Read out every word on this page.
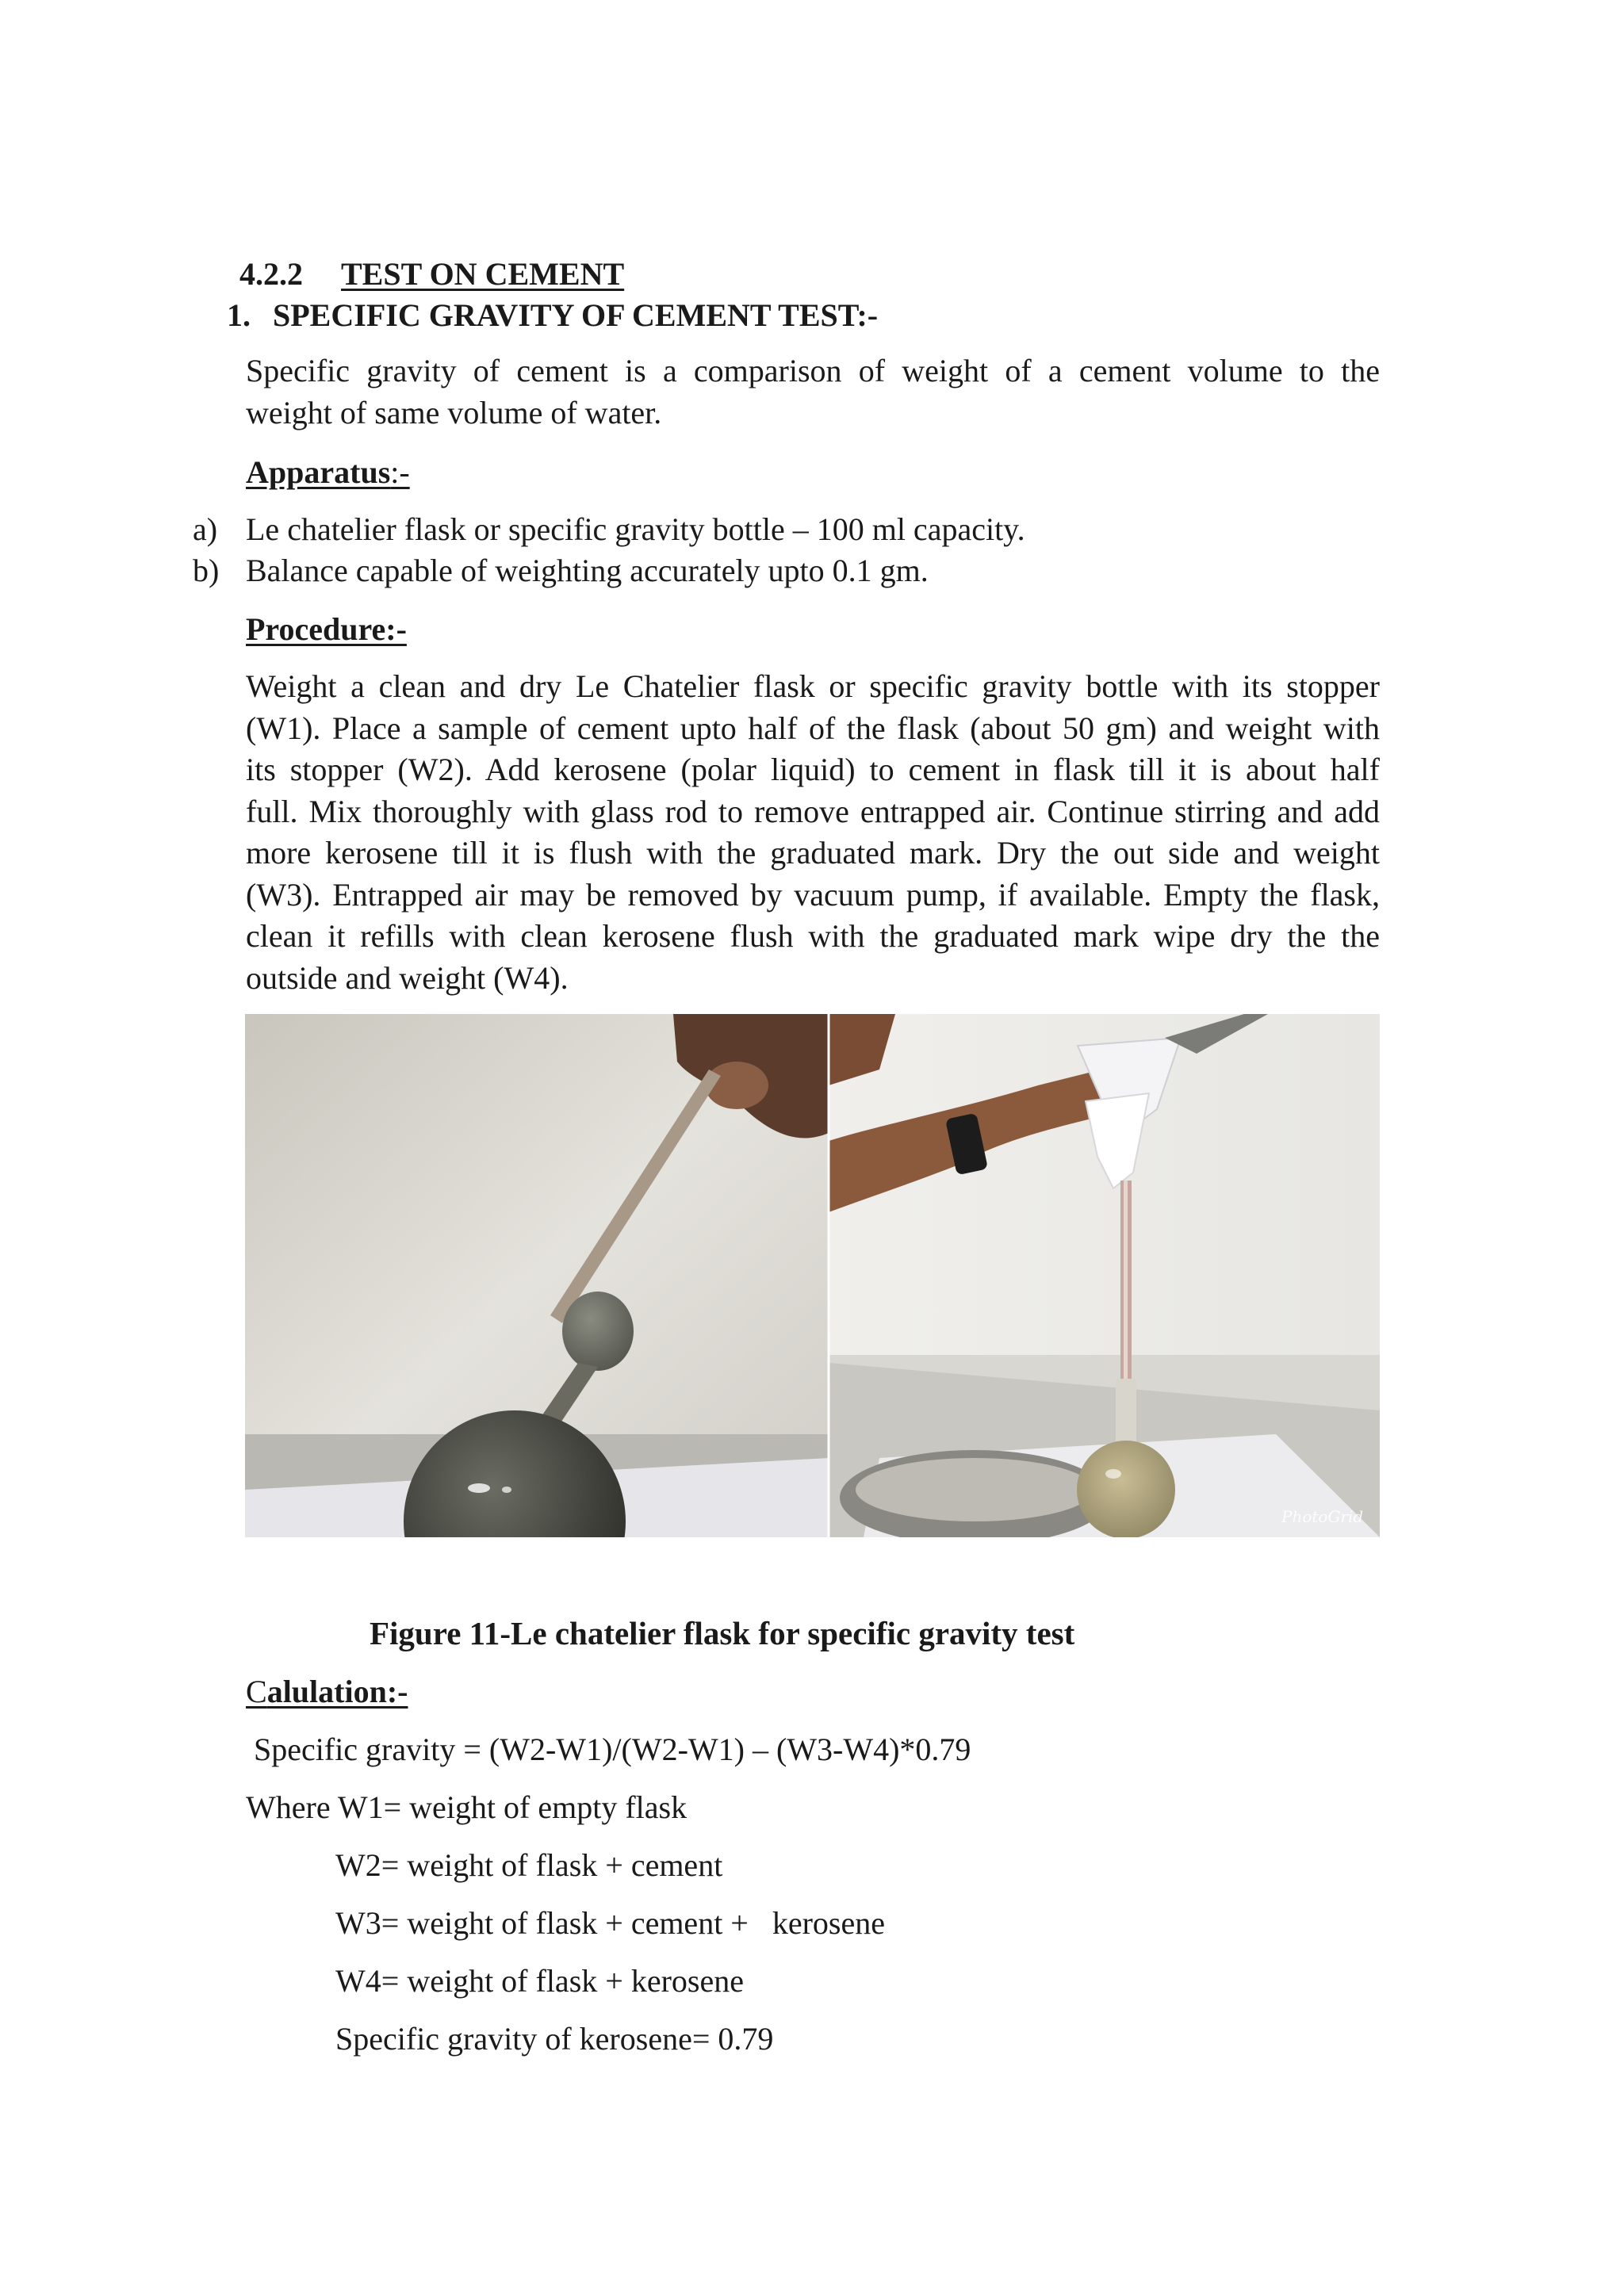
4.2.2 TEST ON CEMENT
1. SPECIFIC GRAVITY OF CEMENT TEST:-
Specific gravity of cement is a comparison of weight of a cement volume to the
weight of same volume of water.
Apparatus:-
a) Le chatelier flask or specific gravity bottle – 100 ml capacity.
b) Balance capable of weighting accurately upto 0.1 gm.
Procedure:-
Weight a clean and dry Le Chatelier flask or specific gravity bottle with its stopper
(W1). Place a sample of cement upto half of the flask (about 50 gm) and weight with
its stopper (W2). Add kerosene (polar liquid) to cement in flask till it is about half
full. Mix thoroughly with glass rod to remove entrapped air. Continue stirring and add
more kerosene till it is flush with the graduated mark. Dry the out side and weight
(W3). Entrapped air may be removed by vacuum pump, if available. Empty the flask,
clean it refills with clean kerosene flush with the graduated mark wipe dry the the
outside and weight (W4).
PhotoGrid
Figure 11-Le chatelier flask for specific gravity test
Calulation:-
Specific gravity = (W2-W1)/(W2-W1) – (W3-W4)*0.79
Where W1= weight of empty flask
W2= weight of flask + cement
W3= weight of flask + cement +   kerosene
W4= weight of flask + kerosene
Specific gravity of kerosene= 0.79
